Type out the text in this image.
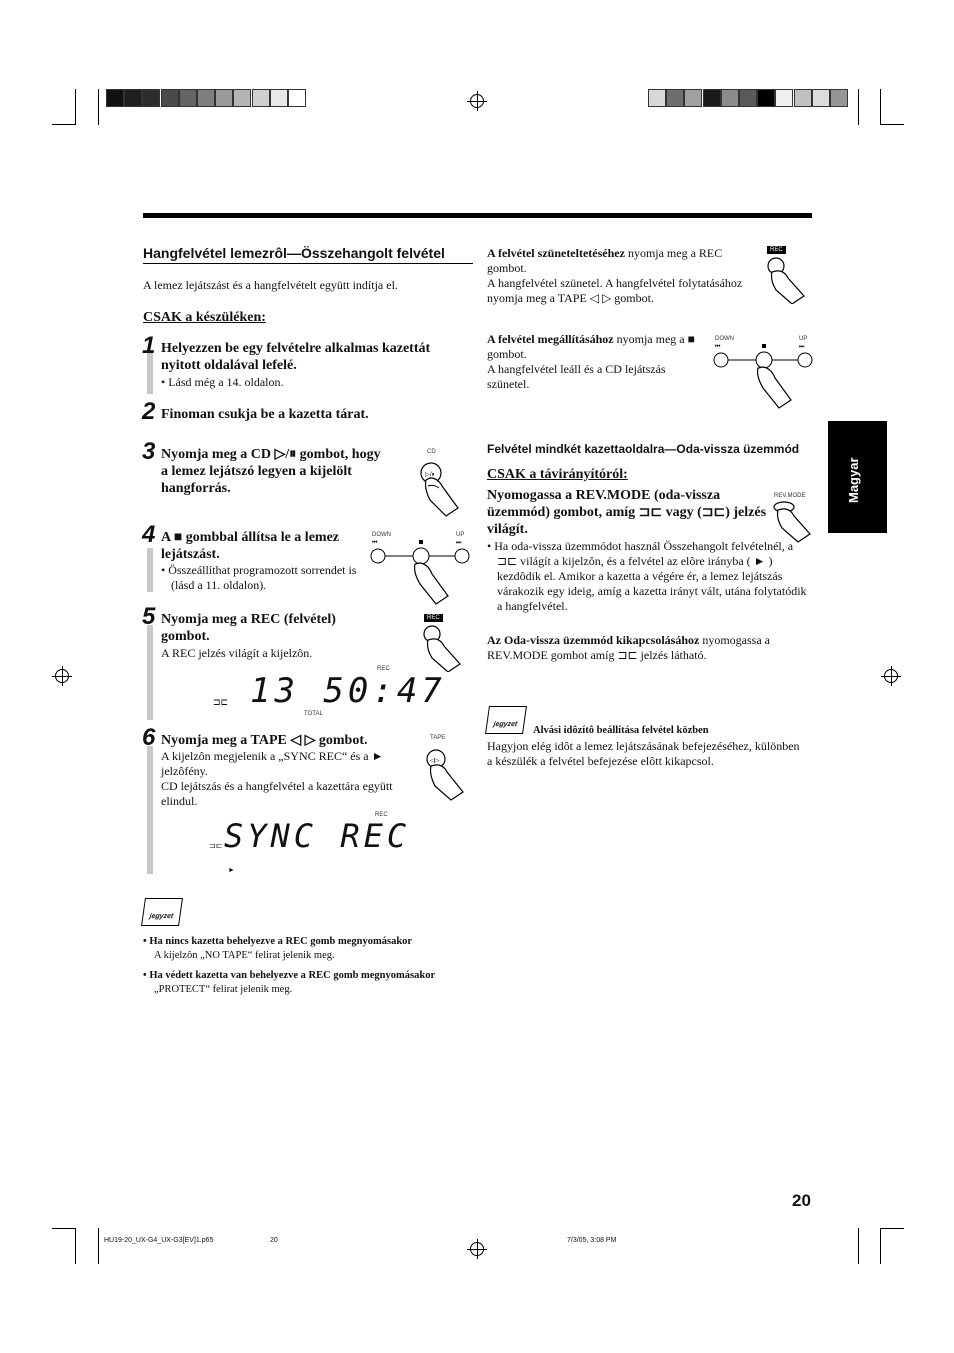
Hangfelvétel lemezrôl—Összehangolt felvétel
A lemez lejátszást és a hangfelvételt együtt indítja el.
CSAK a készüléken:
1 Helyezzen be egy felvételre alkalmas kazettát nyitott oldalával lefelé.
• Lásd még a 14. oldalon.
2 Finoman csukja be a kazetta tárat.
3 Nyomja meg a CD ▷/⏸ gombot, hogy a lemez lejátszó legyen a kijelölt hangforrás.
CD
▷/⏸
4 A ■ gombbal állítsa le a lemez lejátszást.
• Összeállíthat programozott sorrendet is (lásd a 11. oldalon).
DOWN	UP
⏮	⏭
5 Nyomja meg a REC (felvétel) gombot.
A REC jelzés világít a kijelzôn.
REC
REC
13 50:47
⊐⊏
TOTAL
6 Nyomja meg a TAPE ◁ ▷ gombot.
A kijelzôn megjelenik a „SYNC REC“ és a ► jelzôfény.
CD lejátszás és a hangfelvétel a kazettára együtt elindul.
TAPE
◁▷
REC
SYNC REC
⊐⊏
►
jegyzet
• Ha nincs kazetta behelyezve a REC gomb megnyomásakor
A kijelzôn „NO TAPE“ felirat jelenik meg.
• Ha védett kazetta van behelyezve a REC gomb megnyomásakor
„PROTECT“ felirat jelenik meg.
A felvétel szüneteltetéséhez nyomja meg a REC gombot.
A hangfelvétel szünetel. A hangfelvétel folytatásához nyomja meg a TAPE ◁ ▷ gombot.
REC
A felvétel megállításához nyomja meg a ■ gombot.
A hangfelvétel leáll és a CD lejátszás szünetel.
DOWN	UP
⏮	⏭
Felvétel mindkét kazettaoldalra—Oda-vissza üzemmód
CSAK a távirányítóról:
Nyomogassa a REV.MODE (oda-vissza üzemmód) gombot, amíg ⊐⊏ vagy (⊐⊏) jelzés világít.
REV.MODE
• Ha oda-vissza üzemmódot használ Összehangolt felvételnél, a ⊐⊏ világít a kijelzôn, és a felvétel az elôre irányba ( ► ) kezdôdik el. Amikor a kazetta a végére ér, a lemez lejátszás várakozik egy ideig, amíg a kazetta irányt vált, utána folytatódik a hangfelvétel.
Az Oda-vissza üzemmód kikapcsolásához nyomogassa a REV.MODE gombot amíg ⊐⊏ jelzés látható.
jegyzet
Alvási idôzítô beállítása felvétel közben
Hagyjon elég idôt a lemez lejátszásának befejezéséhez, különben a készülék a felvétel befejezése elôtt kikapcsol.
Magyar
20
HU19-20_UX-G4_UX-G3[EV]1.p65	20	7/3/05, 3:08 PM
